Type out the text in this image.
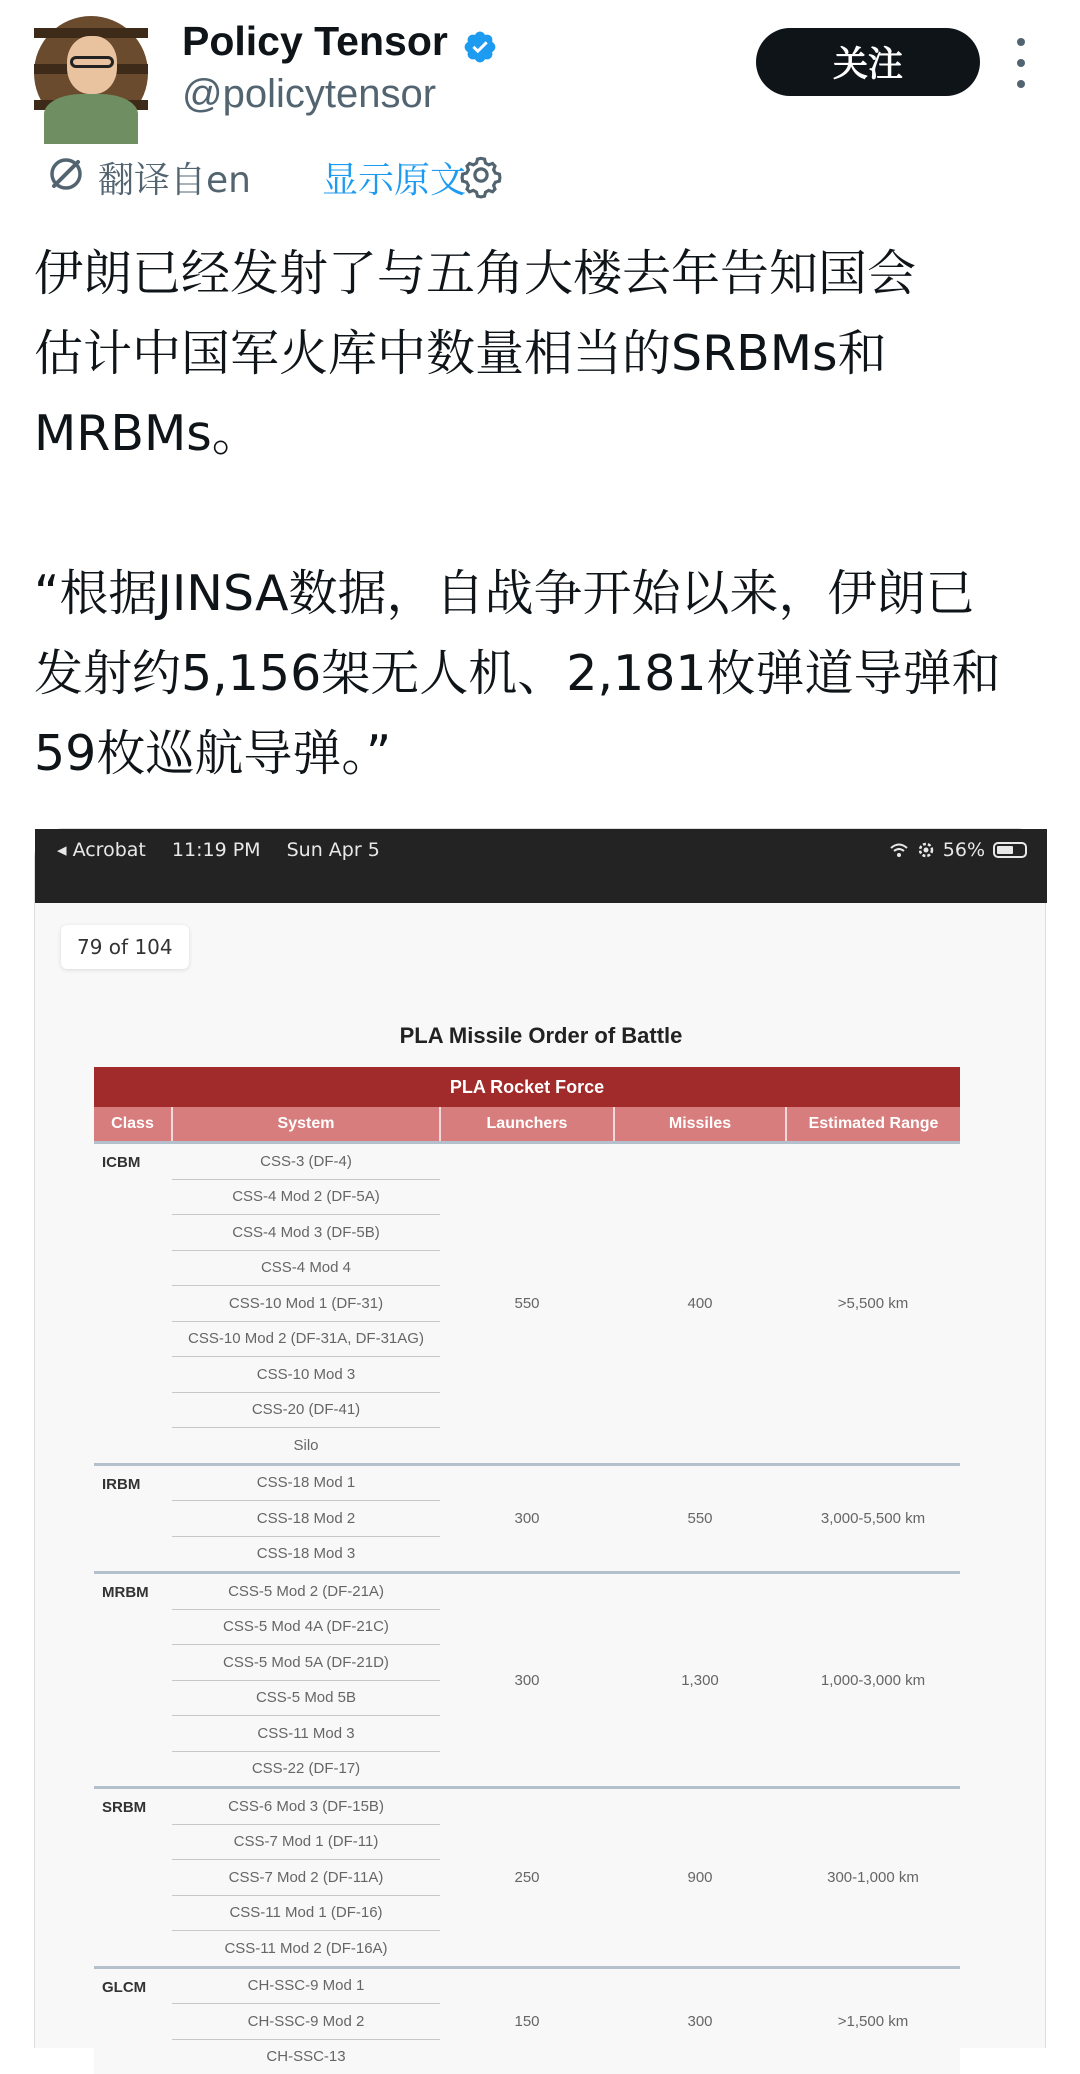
Policy Tensor
@policytensor
关注
翻译自en 显示原文

伊朗已经发射了与五角大楼去年告知国会

估计中国军火库中数量相当的SRBMs和

MRBMs。

“根据JINSA数据，自战争开始以来，伊朗已

发射约5,156架无人机、2,181枚弹道导弹和

59枚巡航导弹。”

◂ Acrobat 11:19 PM Sun Apr 5	56%
79 of 104
PLA Missile Order of Battle
PLA Rocket Force				
Class	System	Launchers	Missiles	Estimated Range
ICBM	CSS-3 (DF-4)	550	400	>5,500 km
	CSS-4 Mod 2 (DF-5A)			
	CSS-4 Mod 3 (DF-5B)			
	CSS-4 Mod 4			
	CSS-10 Mod 1 (DF-31)			
	CSS-10 Mod 2 (DF-31A, DF-31AG)			
	CSS-10 Mod 3			
	CSS-20 (DF-41)			
	Silo			
IRBM	CSS-18 Mod 1	300	550	3,000-5,500 km
	CSS-18 Mod 2			
	CSS-18 Mod 3			
MRBM	CSS-5 Mod 2 (DF-21A)	300	1,300	1,000-3,000 km
	CSS-5 Mod 4A (DF-21C)			
	CSS-5 Mod 5A (DF-21D)			
	CSS-5 Mod 5B			
	CSS-11 Mod 3			
	CSS-22 (DF-17)			
SRBM	CSS-6 Mod 3 (DF-15B)	250	900	300-1,000 km
	CSS-7 Mod 1 (DF-11)			
	CSS-7 Mod 2 (DF-11A)			
	CSS-11 Mod 1 (DF-16)			
	CSS-11 Mod 2 (DF-16A)			
GLCM	CH-SSC-9 Mod 1	150	300	>1,500 km
	CH-SSC-9 Mod 2			
	CH-SSC-13			
